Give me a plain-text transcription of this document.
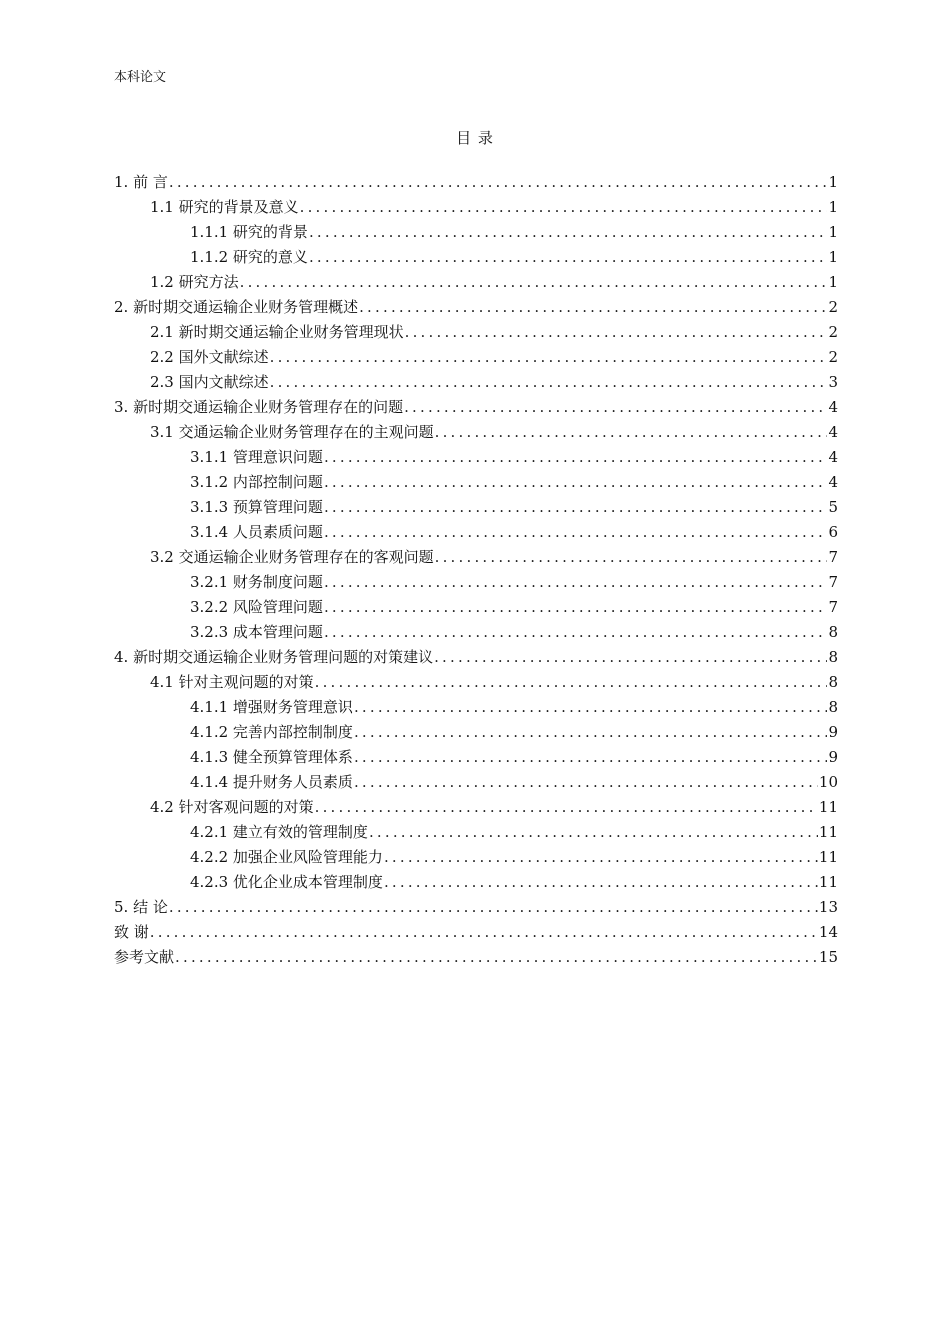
本科论文
目 录
1. 前 言 .....	1
1.1 研究的背景及意义 .....	1
1.1.1 研究的背景 .....	1
1.1.2 研究的意义 .....	1
1.2 研究方法 .....	1
2. 新时期交通运输企业财务管理概述 .....	2
2.1 新时期交通运输企业财务管理现状 .....	2
2.2 国外文献综述 .....	2
2.3 国内文献综述 .....	3
3. 新时期交通运输企业财务管理存在的问题 .....	4
3.1 交通运输企业财务管理存在的主观问题 .....	4
3.1.1 管理意识问题 .....	4
3.1.2 内部控制问题 .....	4
3.1.3 预算管理问题 .....	5
3.1.4 人员素质问题 .....	6
3.2 交通运输企业财务管理存在的客观问题 .....	7
3.2.1 财务制度问题 .....	7
3.2.2 风险管理问题 .....	7
3.2.3 成本管理问题 .....	8
4. 新时期交通运输企业财务管理问题的对策建议 .....	8
4.1 针对主观问题的对策 .....	8
4.1.1 增强财务管理意识 .....	8
4.1.2 完善内部控制制度 .....	9
4.1.3 健全预算管理体系 .....	9
4.1.4 提升财务人员素质 .....	10
4.2 针对客观问题的对策 .....	11
4.2.1 建立有效的管理制度 .....	11
4.2.2 加强企业风险管理能力 .....	11
4.2.3 优化企业成本管理制度 .....	11
5. 结 论 .....	13
致 谢 .....	14
参考文献 .....	15
